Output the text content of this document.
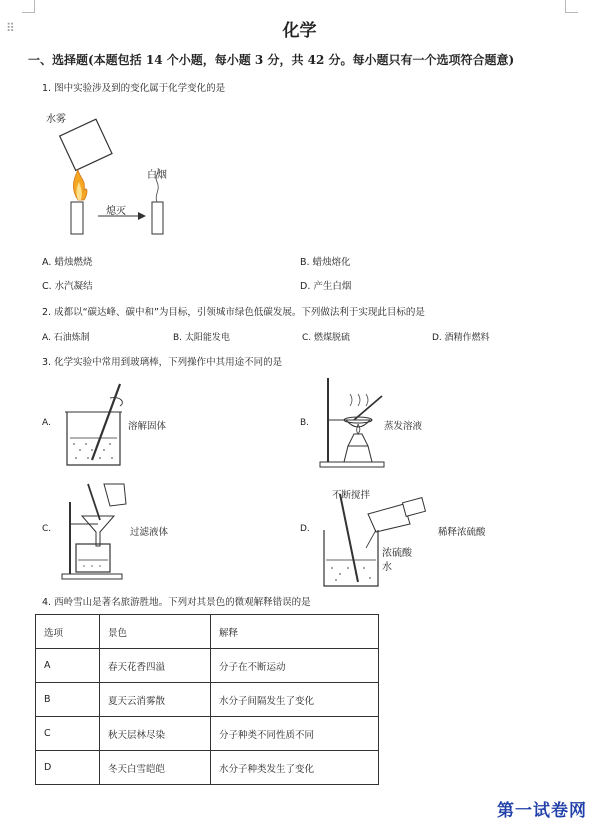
⠿	化学
一、选择题(本题包括 14 个小题，每小题 3 分，共 42 分。每小题只有一个选项符合题意)
1. 图中实验涉及到的变化属于化学变化的是
水雾
白烟
熄灭
A. 蜡烛燃烧	B. 蜡烛熔化
C. 水汽凝结	D. 产生白烟
2. 成都以“碳达峰、碳中和”为目标，引领城市绿色低碳发展。下列做法利于实现此目标的是
A. 石油炼制	B. 太阳能发电	C. 燃煤脱硫	D. 酒精作燃料
3. 化学实验中常用到玻璃棒，下列操作中其用途不同的是
A.	溶解固体	B.	蒸发溶液
C.	过滤液体	D.
不断搅拌
稀释浓硫酸
浓硫酸
水
4. 西岭雪山是著名旅游胜地。下列对其景色的微观解释错误的是
选项	景色	解释
A	春天花香四溢	分子在不断运动
B	夏天云消雾散	水分子间隔发生了变化
C	秋天层林尽染	分子种类不同性质不同
D	冬天白雪皑皑	水分子种类发生了变化
第一试卷网
